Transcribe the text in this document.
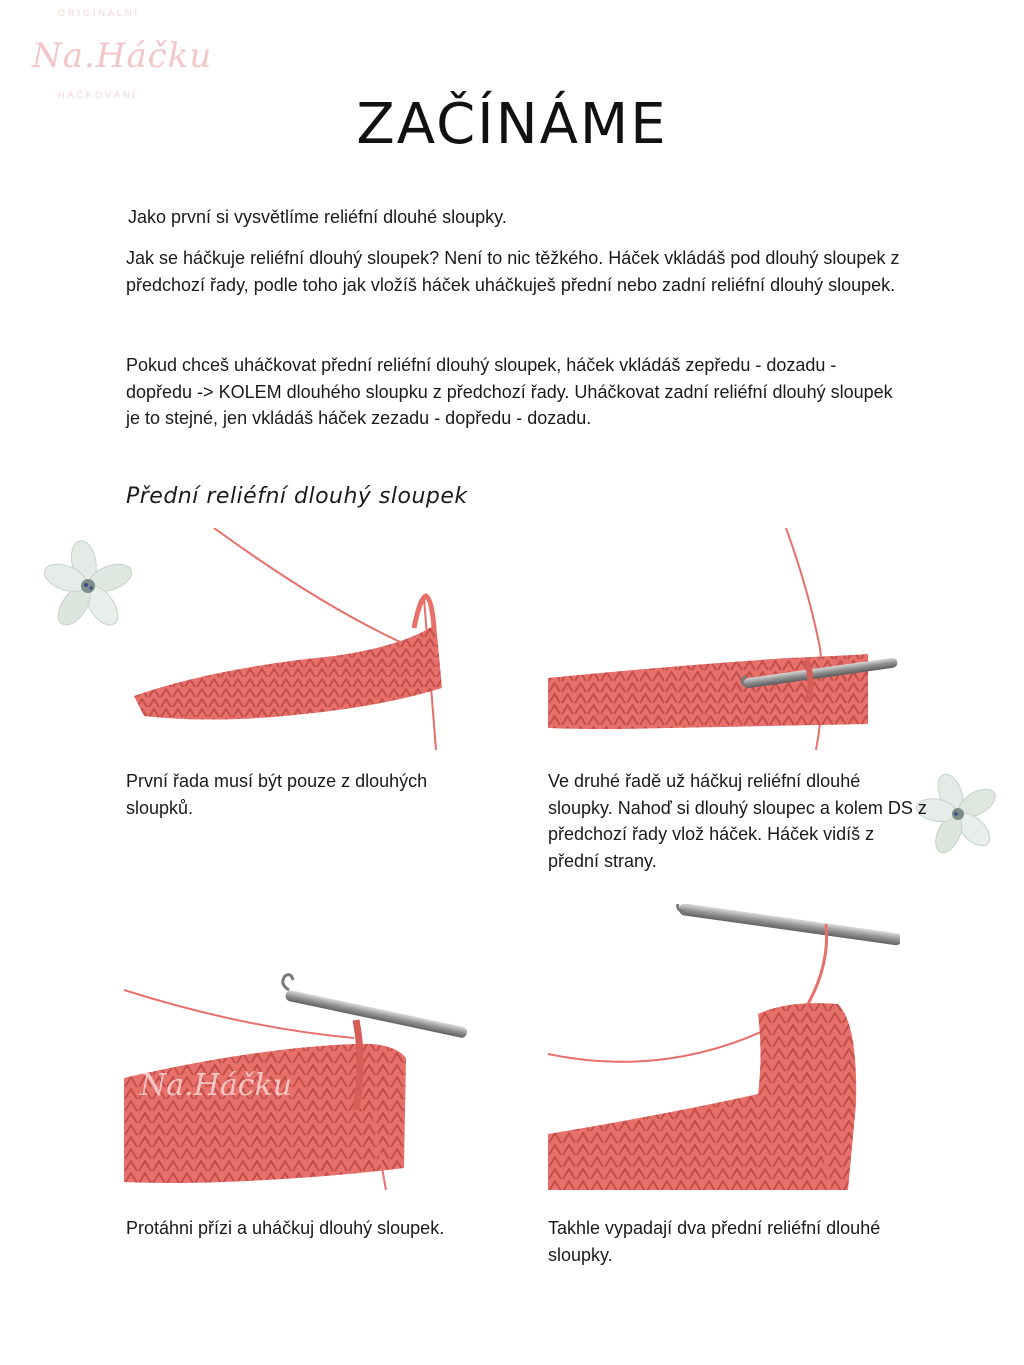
ORIGINÁLNÍ
Na.Háčku
HÁČKOVÁNÍ	ZAČÍNÁME
Jako první si vysvětlíme reliéfní dlouhé sloupky.
Jak se háčkuje reliéfní dlouhý sloupek? Není to nic těžkého. Háček vkládáš pod dlouhý sloupek z předchozí řady, podle toho jak vložíš háček uháčkuješ přední nebo zadní reliéfní dlouhý sloupek.
Pokud chceš uháčkovat přední reliéfní dlouhý sloupek, háček vkládáš zepředu - dozadu - dopředu -> KOLEM dlouhého sloupku z předchozí řady. Uháčkovat zadní reliéfní dlouhý sloupek je to stejné, jen vkládáš háček zezadu - dopředu - dozadu.
Přední reliéfní dlouhý sloupek
Na.Háčku
První řada musí být pouze z dlouhých sloupků.
Ve druhé řadě už háčkuj reliéfní dlouhé sloupky. Nahoď si dlouhý sloupec a kolem DS z předchozí řady vlož háček. Háček vidíš z přední strany.
Protáhni přízi a uháčkuj dlouhý sloupek.	Takhle vypadají dva přední reliéfní dlouhé sloupky.
